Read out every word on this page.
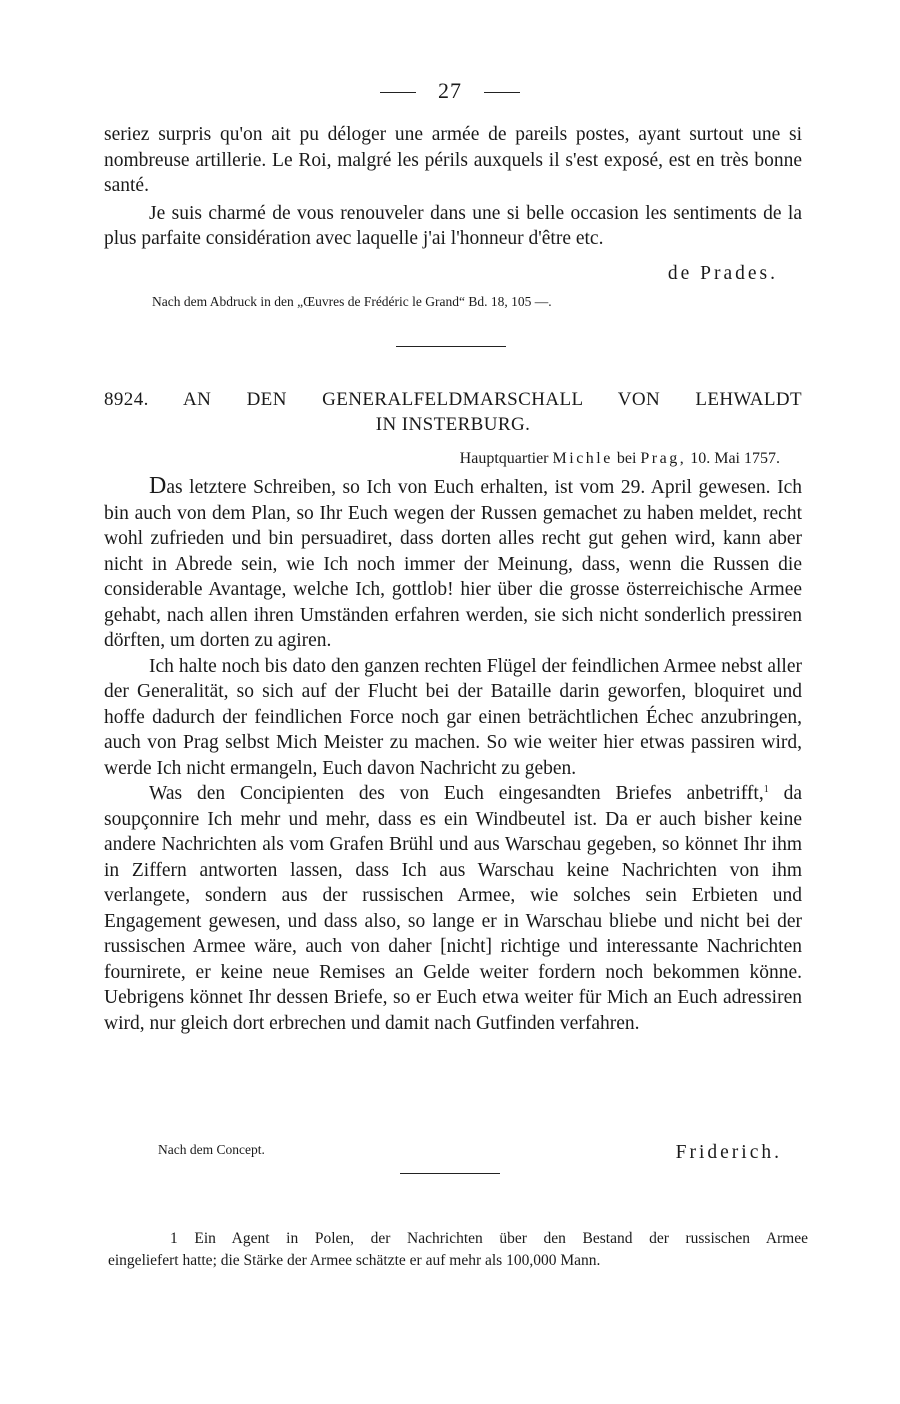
27

seriez surpris qu'on ait pu déloger une armée de pareils postes, ayant surtout une si nombreuse artillerie. Le Roi, malgré les périls auxquels il s'est exposé, est en très bonne santé.

Je suis charmé de vous renouveler dans une si belle occasion les sentiments de la plus parfaite considération avec laquelle j'ai l'honneur d'être etc.

de Prades.
Nach dem Abdruck in den „Œuvres de Frédéric le Grand“ Bd. 18, 105 —.
8924. AN DEN GENERALFELDMARSCHALL VON LEHWALDT
IN INSTERBURG.
Hauptquartier Michle bei Prag, 10. Mai 1757.

Das letztere Schreiben, so Ich von Euch erhalten, ist vom 29. April gewesen. Ich bin auch von dem Plan, so Ihr Euch wegen der Russen gemachet zu haben meldet, recht wohl zufrieden und bin persuadiret, dass dorten alles recht gut gehen wird, kann aber nicht in Abrede sein, wie Ich noch immer der Meinung, dass, wenn die Russen die considerable Avantage, welche Ich, gottlob! hier über die grosse österreichische Armee gehabt, nach allen ihren Umständen erfahren werden, sie sich nicht sonderlich pressiren dörften, um dorten zu agiren.

Ich halte noch bis dato den ganzen rechten Flügel der feindlichen Armee nebst aller der Generalität, so sich auf der Flucht bei der Bataille darin geworfen, bloquiret und hoffe dadurch der feindlichen Force noch gar einen beträchtlichen Échec anzubringen, auch von Prag selbst Mich Meister zu machen. So wie weiter hier etwas passiren wird, werde Ich nicht ermangeln, Euch davon Nachricht zu geben.

Was den Concipienten des von Euch eingesandten Briefes anbetrifft,$^1$ da soupçonnire Ich mehr und mehr, dass es ein Windbeutel ist. Da er auch bisher keine andere Nachrichten als vom Grafen Brühl und aus Warschau gegeben, so könnet Ihr ihm in Ziffern antworten lassen, dass Ich aus Warschau keine Nachrichten von ihm verlangete, sondern aus der russischen Armee, wie solches sein Erbieten und Engagement gewesen, und dass also, so lange er in Warschau bliebe und nicht bei der russischen Armee wäre, auch von daher [nicht] richtige und interessante Nachrichten fournirete, er keine neue Remises an Gelde weiter fordern noch bekommen könne. Uebrigens könnet Ihr dessen Briefe, so er Euch etwa weiter für Mich an Euch adressiren wird, nur gleich dort erbrechen und damit nach Gutfinden verfahren.

Nach dem Concept.	Friderich.
1 Ein Agent in Polen, der Nachrichten über den Bestand der russischen Armee
eingeliefert hatte; die Stärke der Armee schätzte er auf mehr als 100,000 Mann.
